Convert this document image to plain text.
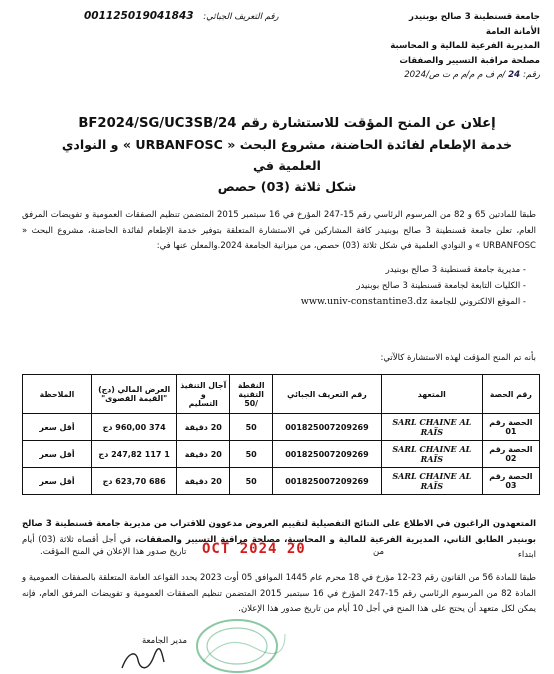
جامعة قسنطينة 3 صالح بوبنيدر
الأمانة العامة
المديرية الفرعية للمالية و المحاسبة
مصلحة مراقبة التسيير والصفقات
رقم:24/م ف م م/م م ت ص/2024
رقم التعريف الجبائي: 001125019041843
إعلان عن المنح المؤقت للاستشارة رقم BF2024/SG/UC3SB/24
خدمة الإطعام لفائدة الحاضنة، مشروع البحث « URBANFOSC » و النوادي العلمية في
شكل ثلاثة (03) حصص
طبقا للمادتين 65 و 82 من المرسوم الرئاسي رقم 15-247 المؤرخ في 16 سبتمبر 2015 المتضمن تنظيم الصفقات العمومية و تفويضات المرفق العام، تعلن جامعة قسنطينة 3 صالح بوبنيدر كافة المشاركين في الاستشارة المتعلقة بتوفير خدمة الإطعام لفائدة الحاضنة، مشروع البحث « URBANFOSC » و النوادي العلمية في شكل ثلاثة (03) حصص، من ميزانية الجامعة 2024.والمعلن عنها في:
- مديرية جامعة قسنطينة 3 صالح بوبنيدر
- الكليات التابعة لجامعة قسنطينة 3 صالح بوبنيدر
- الموقع الالكتروني للجامعة www.univ-constantine3.dz
بأنه تم المنح المؤقت لهذه الاستشارة كالآتي:
رقم الحصة	المتعهد	رقم التعريف الجبائي	النقطة التقنية
/50	آجال التنفيذ و
التسليم	العرض المالي (دج)
"القيمة القصوى"	الملاحظة
الحصة رقم 01	SARL CHAINE AL RAÏS	001825007209269	50	20 دقيقة	374 960,00 دج	أقل سعر
الحصة رقم 02	SARL CHAINE AL RAÏS	001825007209269	50	20 دقيقة	1 117 247,82 دج	أقل سعر
الحصة رقم 03	SARL CHAINE AL RAÏS	001825007209269	50	20 دقيقة	686 623,70 دج	أقل سعر
المتعهدون الراغبون في الاطلاع على النتائج التفصيلية لتقييم العروض مدعوون للاقتراب من مديرية جامعة قسنطينة 3 صالح بوبنيدر الطابق الثاني، المديرية الفرعية للمالية و المحاسبة، مصلحة مراقبة التسيير والصفقات، في أجل أقصاه ثلاثة (03) أيام ابتداء
من
20 OCT 2024
تاريخ صدور هذا الإعلان في المنح المؤقت.
طبقا للمادة 56 من القانون رقم 23-12 مؤرخ في 18 محرم عام 1445 الموافق 05 أوت 2023 يحدد القواعد العامة المتعلقة بالصفقات العمومية و المادة 82 من المرسوم الرئاسي رقم 15-247 المؤرخ في 16 سبتمبر 2015 المتضمن تنظيم الصفقات العمومية و تفويضات المرفق العام، فإنه يمكن لكل متعهد أن يحتج على هذا المنح في أجل 10 أيام من تاريخ صدور هذا الإعلان.
مدير الجامعة
